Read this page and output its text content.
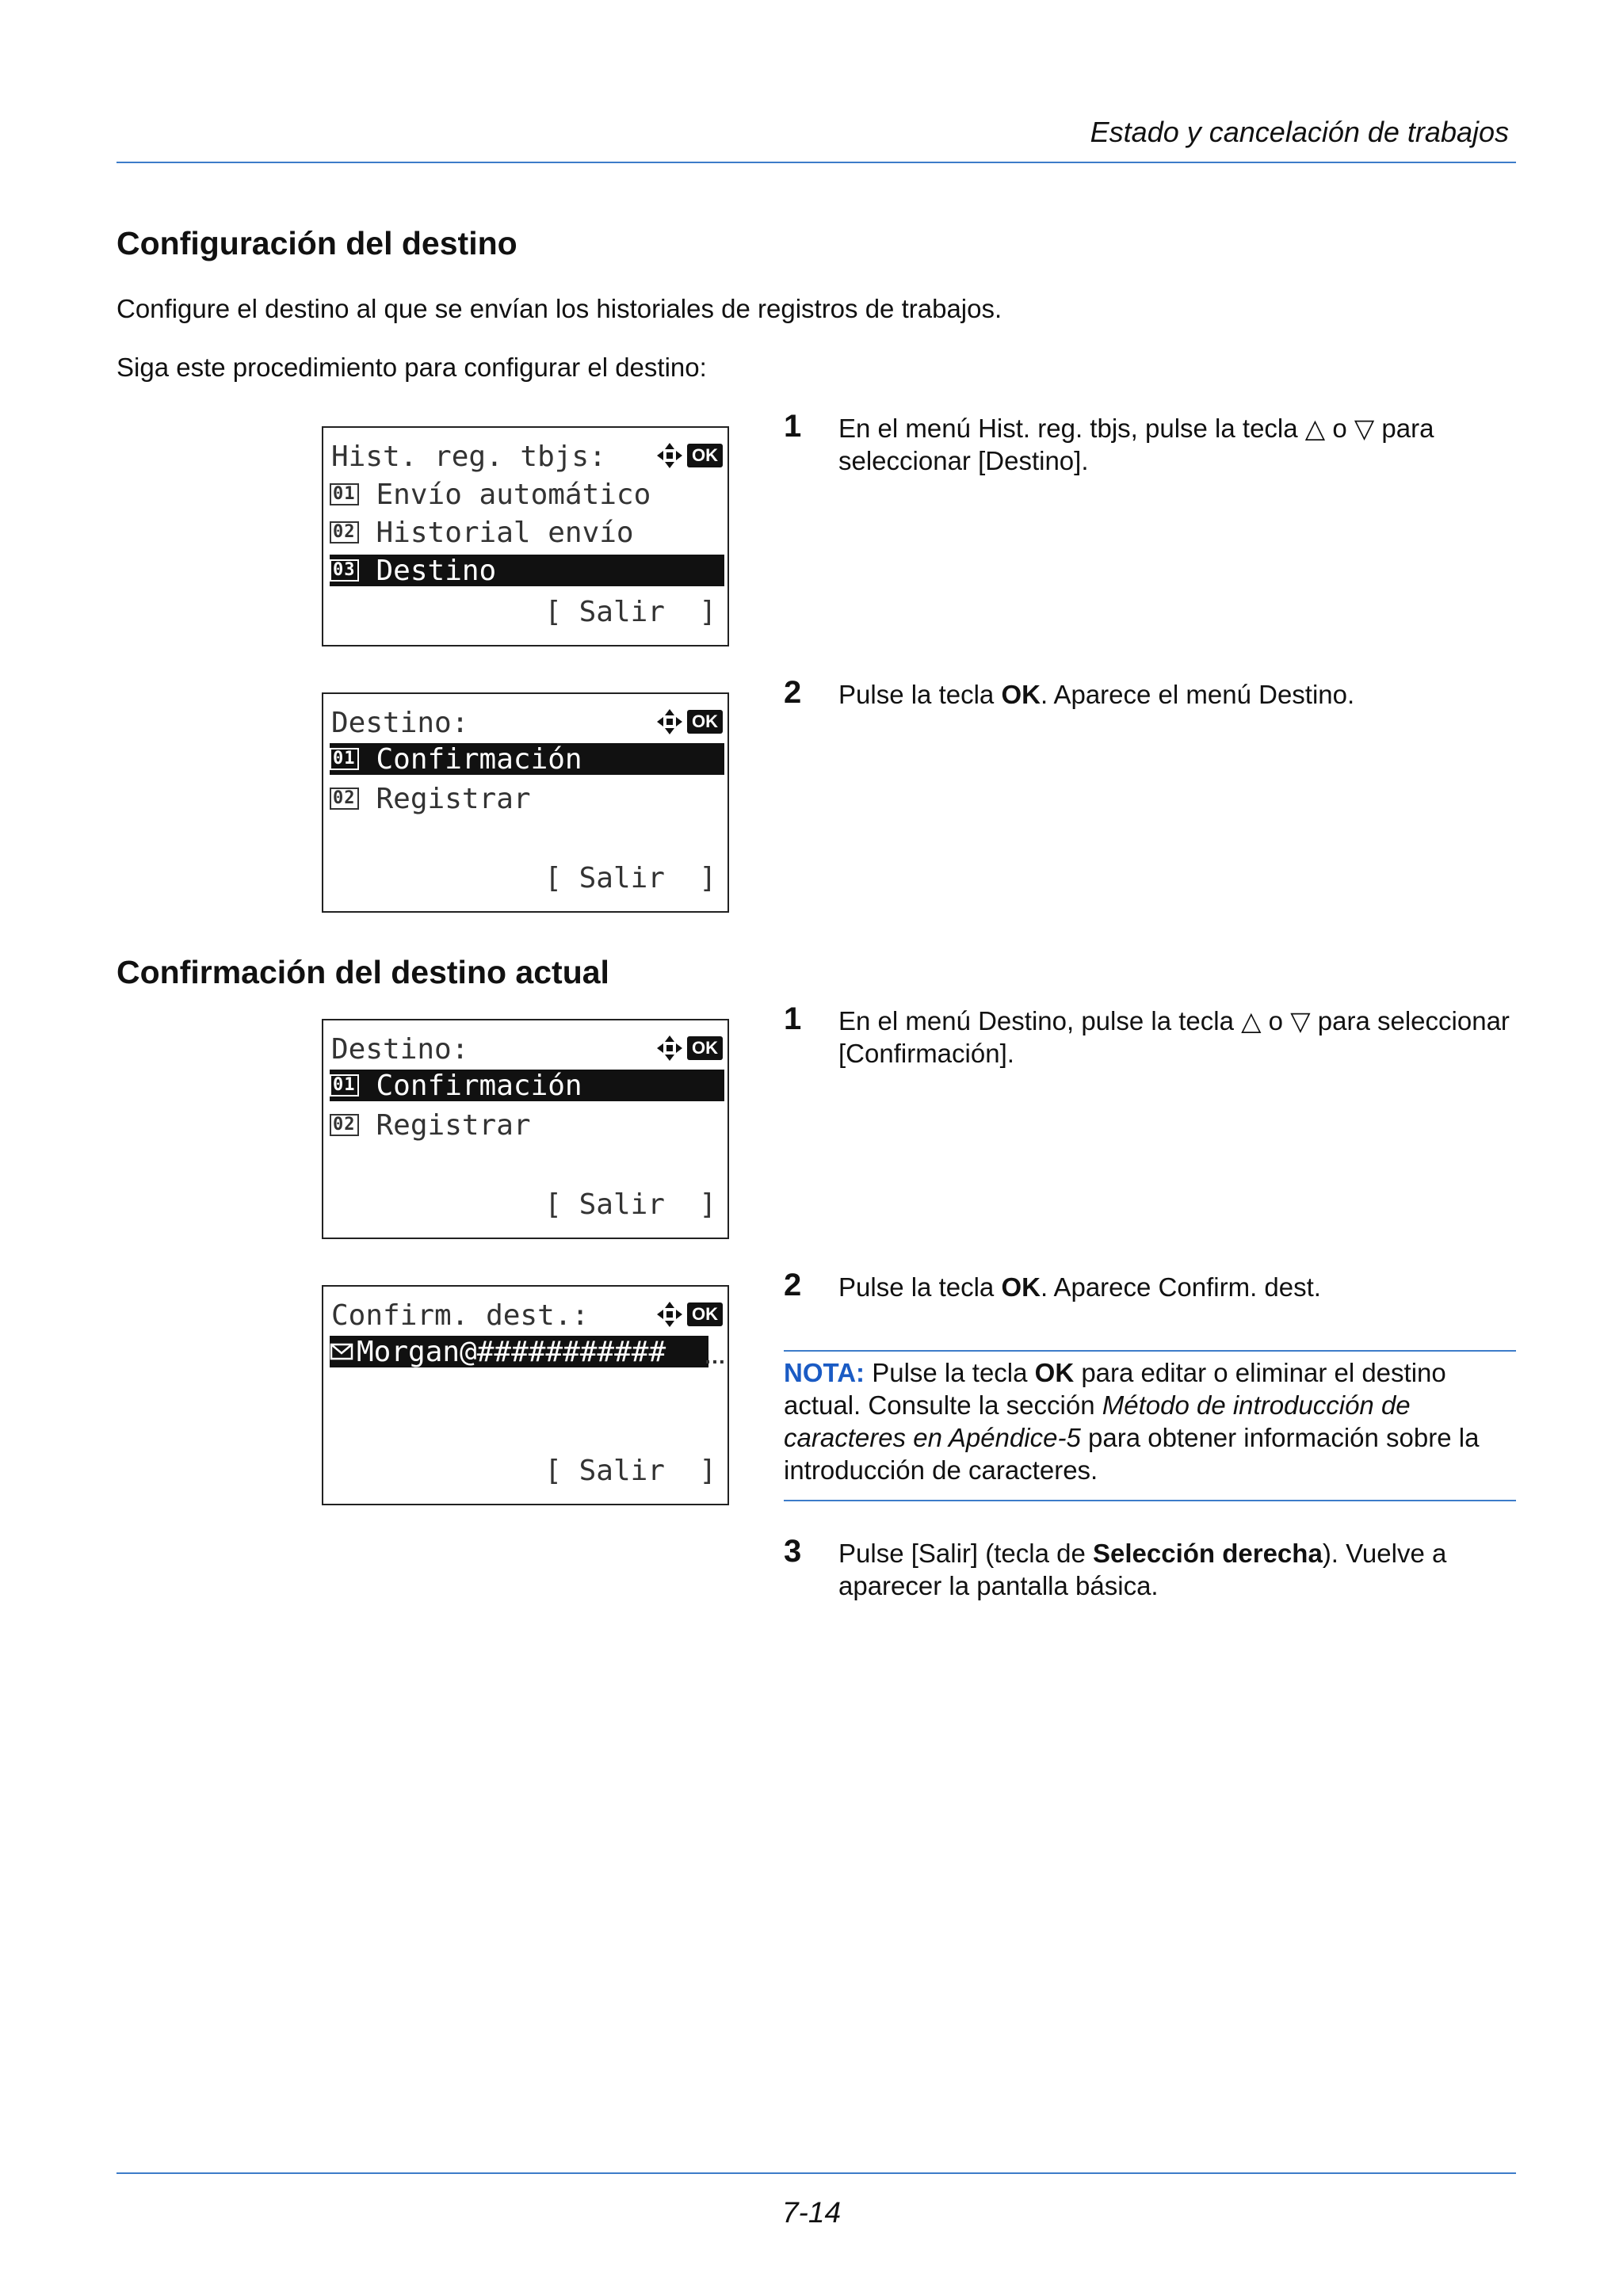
Estado y cancelación de trabajos
Configuración del destino
Configure el destino al que se envían los historiales de registros de trabajos.
Siga este procedimiento para configurar el destino:
Hist. reg. tbjs:	OK
01 Envío automático
02 Historial envío
03 Destino
[ Salir  ]
1 En el menú Hist. reg. tbjs, pulse la tecla △ o ▽ para seleccionar [Destino].
Destino:	OK
01 Confirmación
02 Registrar
[ Salir  ]
2 Pulse la tecla OK. Aparece el menú Destino.
Confirmación del destino actual
Destino:	OK
01 Confirmación
02 Registrar
[ Salir  ]
1 En el menú Destino, pulse la tecla △ o ▽ para seleccionar [Confirmación].
Confirm. dest.:	OK
Morgan@########### …
[ Salir  ]
2 Pulse la tecla OK. Aparece Confirm. dest.
NOTA: Pulse la tecla OK para editar o eliminar el destino actual. Consulte la sección Método de introducción de caracteres en Apéndice-5 para obtener información sobre la introducción de caracteres.
3 Pulse [Salir] (tecla de Selección derecha). Vuelve a aparecer la pantalla básica.
7-14
